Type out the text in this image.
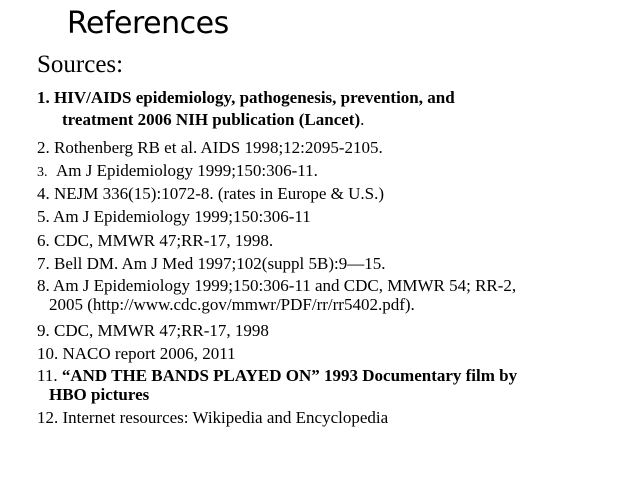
References
Sources:
1. HIV/AIDS epidemiology, pathogenesis, prevention, and
treatment 2006 NIH publication (Lancet).
2. Rothenberg RB et al. AIDS 1998;12:2095-2105.
3. Am J Epidemiology 1999;150:306-11.
4. NEJM 336(15):1072-8. (rates in Europe & U.S.)
5. Am J Epidemiology 1999;150:306-11
6. CDC, MMWR 47;RR-17, 1998.
7. Bell DM. Am J Med 1997;102(suppl 5B):9—15.
8. Am J Epidemiology 1999;150:306-11 and CDC, MMWR 54; RR-2,
2005 (http://www.cdc.gov/mmwr/PDF/rr/rr5402.pdf).
9. CDC, MMWR 47;RR-17, 1998
10. NACO report 2006, 2011
11. “AND THE BANDS PLAYED ON” 1993 Documentary film by
HBO pictures
12. Internet resources: Wikipedia and Encyclopedia
